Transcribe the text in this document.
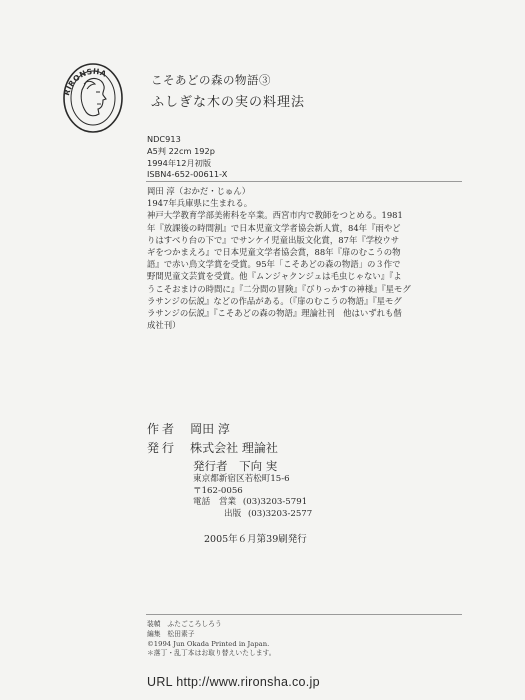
RIRONSHA	こそあどの森の物語③
ふしぎな木の実の料理法
NDC913
A5判 22cm 192p
1994年12月初版
ISBN4-652-00611-X
岡田 淳（おかだ・じゅん）
1947年兵庫県に生まれる。
神戸大学教育学部美術科を卒業。西宮市内で教師をつとめる。1981
年『放課後の時間割』で日本児童文学者協会新人賞，84年『雨やど
りはすべり台の下で』でサンケイ児童出版文化賞，87年『学校ウサ
ギをつかまえろ』で日本児童文学者協会賞，88年『扉のむこうの物
語』で赤い鳥文学賞を受賞。95年「こそあどの森の物語」の３作で
野間児童文芸賞を受賞。他『ムンジャクンジュは毛虫じゃない』『よ
うこそおまけの時間に』『二分間の冒険』『びりっかすの神様』『星モグ
ラサンジの伝説』などの作品がある。（『扉のむこうの物語』『星モグ
ラサンジの伝説』『こそあどの森の物語』理論社刊　他はいずれも偕
成社刊）
作者 岡田 淳
発行 株式会社 理論社
発行者 下向 実
東京都新宿区若松町15-6
〒162-0056
電話 営業 (03)3203-5791
出版 (03)3203-2577
2005年６月第39刷発行
装幀　ふたごころしろう
編集　松田素子
©1994 Jun Okada Printed in Japan.
＊落丁・乱丁本はお取り替えいたします。
URL http://www.rironsha.co.jp
